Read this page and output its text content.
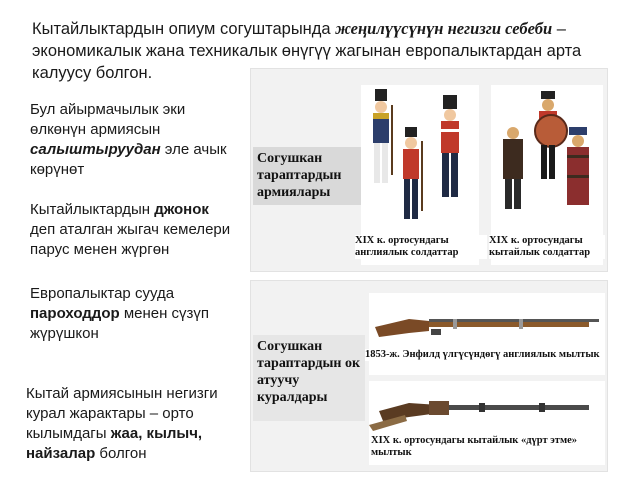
Кытайлыктардын опиум согуштарында жеңилүүсүнүн негизги себеби – экономикалык жана техникалык өнүгүү жагынан европалыктардан арта калуусу болгон.
Бул айырмачылык эки өлкөнүн армиясын салыштыруудан эле ачык көрүнөт
Кытайлыктардын джонок деп аталган жыгач кемелери парус менен жүргөн
Европалыктар сууда пароходдор менен сүзүп жүрүшкон
Кытай армиясынын негизги курал жарактары – орто кылымдагы жаа, кылыч, найзалар болгон
Согушкан тараптардын армиялары
XIX к. ортосундагы англиялык солдаттар
XIX к. ортосундагы кытайлык солдаттар
Согушкан тараптардын ок атуучу куралдары
1853-ж. Энфилд үлгүсүндөгү англиялык мылтык
XIX к. ортосундагы кытайлык «дүрт этме» мылтык
